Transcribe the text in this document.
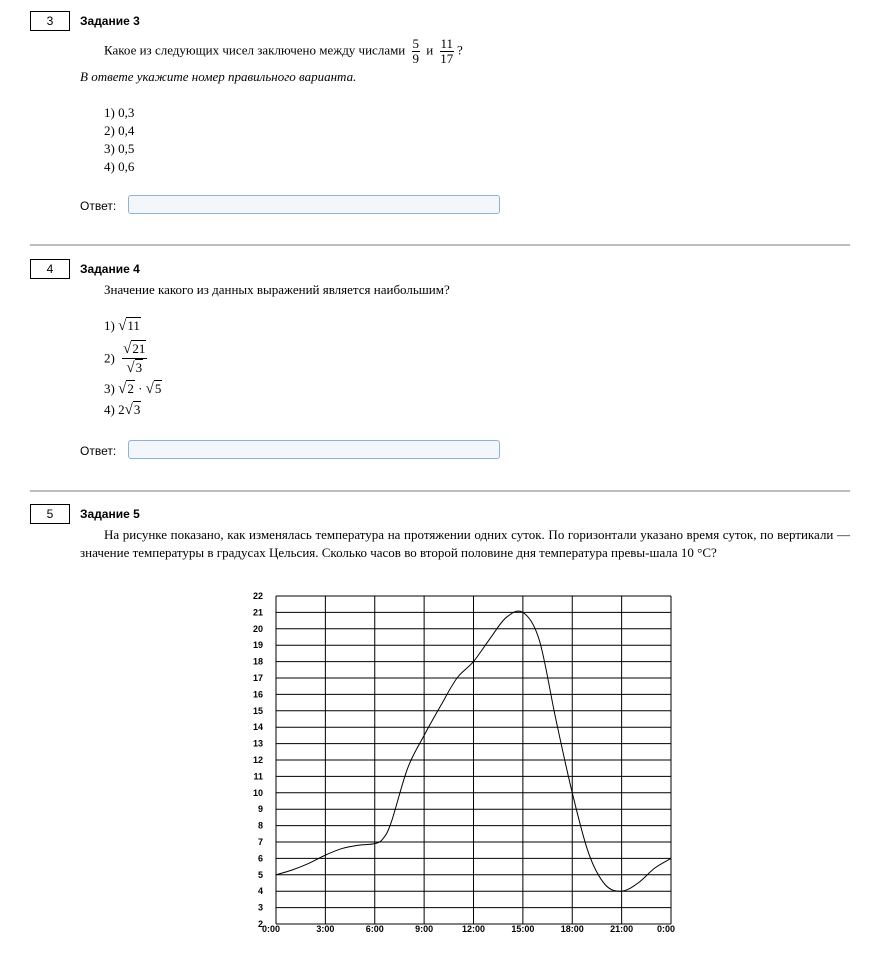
3	Задание 3
Какое из следующих чисел заключено между числами $\frac{5}{9}$ и $\frac{11}{17}$ ?
В ответе укажите номер правильного варианта.
1) 0,3
2) 0,4
3) 0,5
4) 0,6
Ответ:
4	Задание 4
Значение какого из данных выражений является наибольшим?
1) √11
$2) \frac{√21}{√3}$
3) √2 · √5
4) 2√3
Ответ:
5	Задание 5
На рисунке показано, как изменялась температура на протяжении одних суток. По горизонтали указано время суток, по вертикали — значение температуры в градусах Цельсия. Сколько часов во второй половине дня температура превы-шала 10 °С?
2
3
4
5
6
7
8
9
10
11
12
13
14
15
16
17
18
19
20
21
22
0:00	3:00	6:00	9:00	12:00	15:00	18:00	21:00	0:00
